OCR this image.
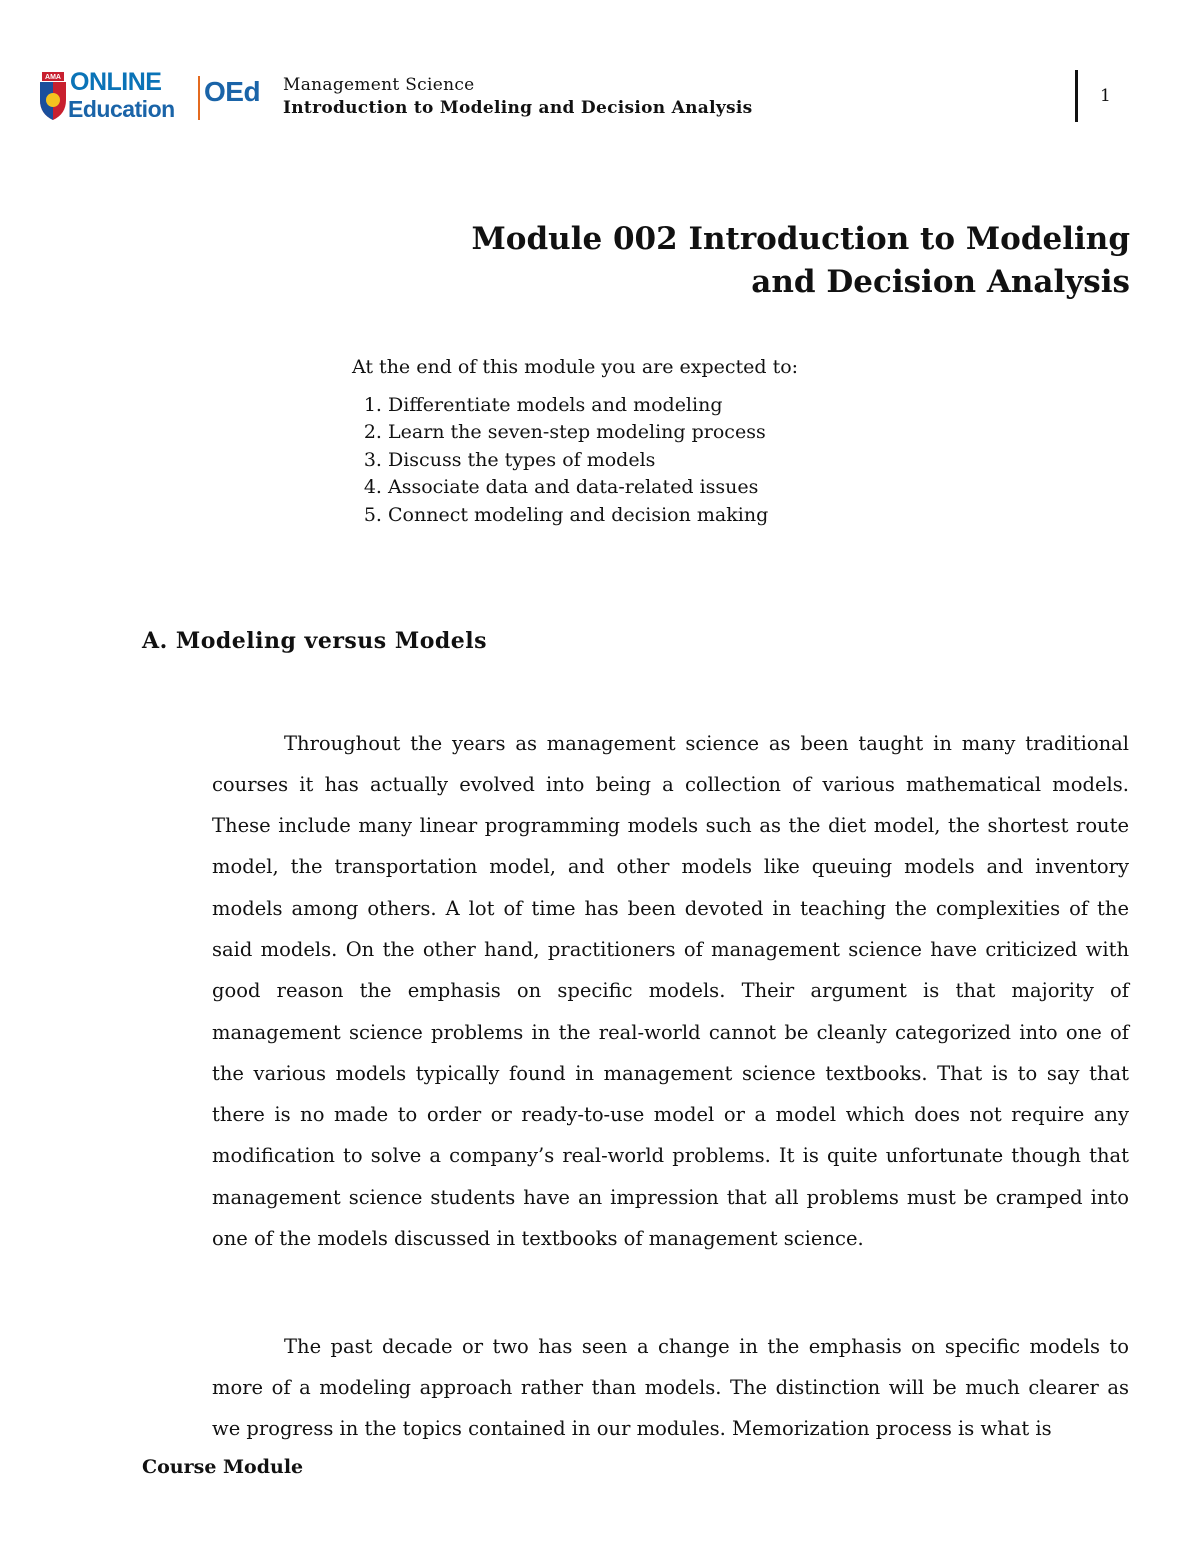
AMA ONLINE
Education
OEd Management Science
Introduction to Modeling and Decision Analysis
1
Module 002 Introduction to Modeling
and Decision Analysis
At the end of this module you are expected to:
1. Differentiate models and modeling
2. Learn the seven-step modeling process
3. Discuss the types of models
4. Associate data and data-related issues
5. Connect modeling and decision making
A. Modeling versus Models

Throughout the years as management science as been taught in many traditional courses it has actually evolved into being a collection of various mathematical models. These include many linear programming models such as the diet model, the shortest route model, the transportation model, and other models like queuing models and inventory models among others. A lot of time has been devoted in teaching the complexities of the said models. On the other hand, practitioners of management science have criticized with good reason the emphasis on specific models. Their argument is that majority of management science problems in the real-world cannot be cleanly categorized into one of the various models typically found in management science textbooks. That is to say that there is no made to order or ready-to-use model or a model which does not require any modification to solve a company’s real-world problems. It is quite unfortunate though that management science students have an impression that all problems must be cramped into one of the models discussed in textbooks of management science.

The past decade or two has seen a change in the emphasis on specific models to more of a modeling approach rather than models. The distinction will be much clearer as we progress in the topics contained in our modules. Memorization process is what is

Course Module
